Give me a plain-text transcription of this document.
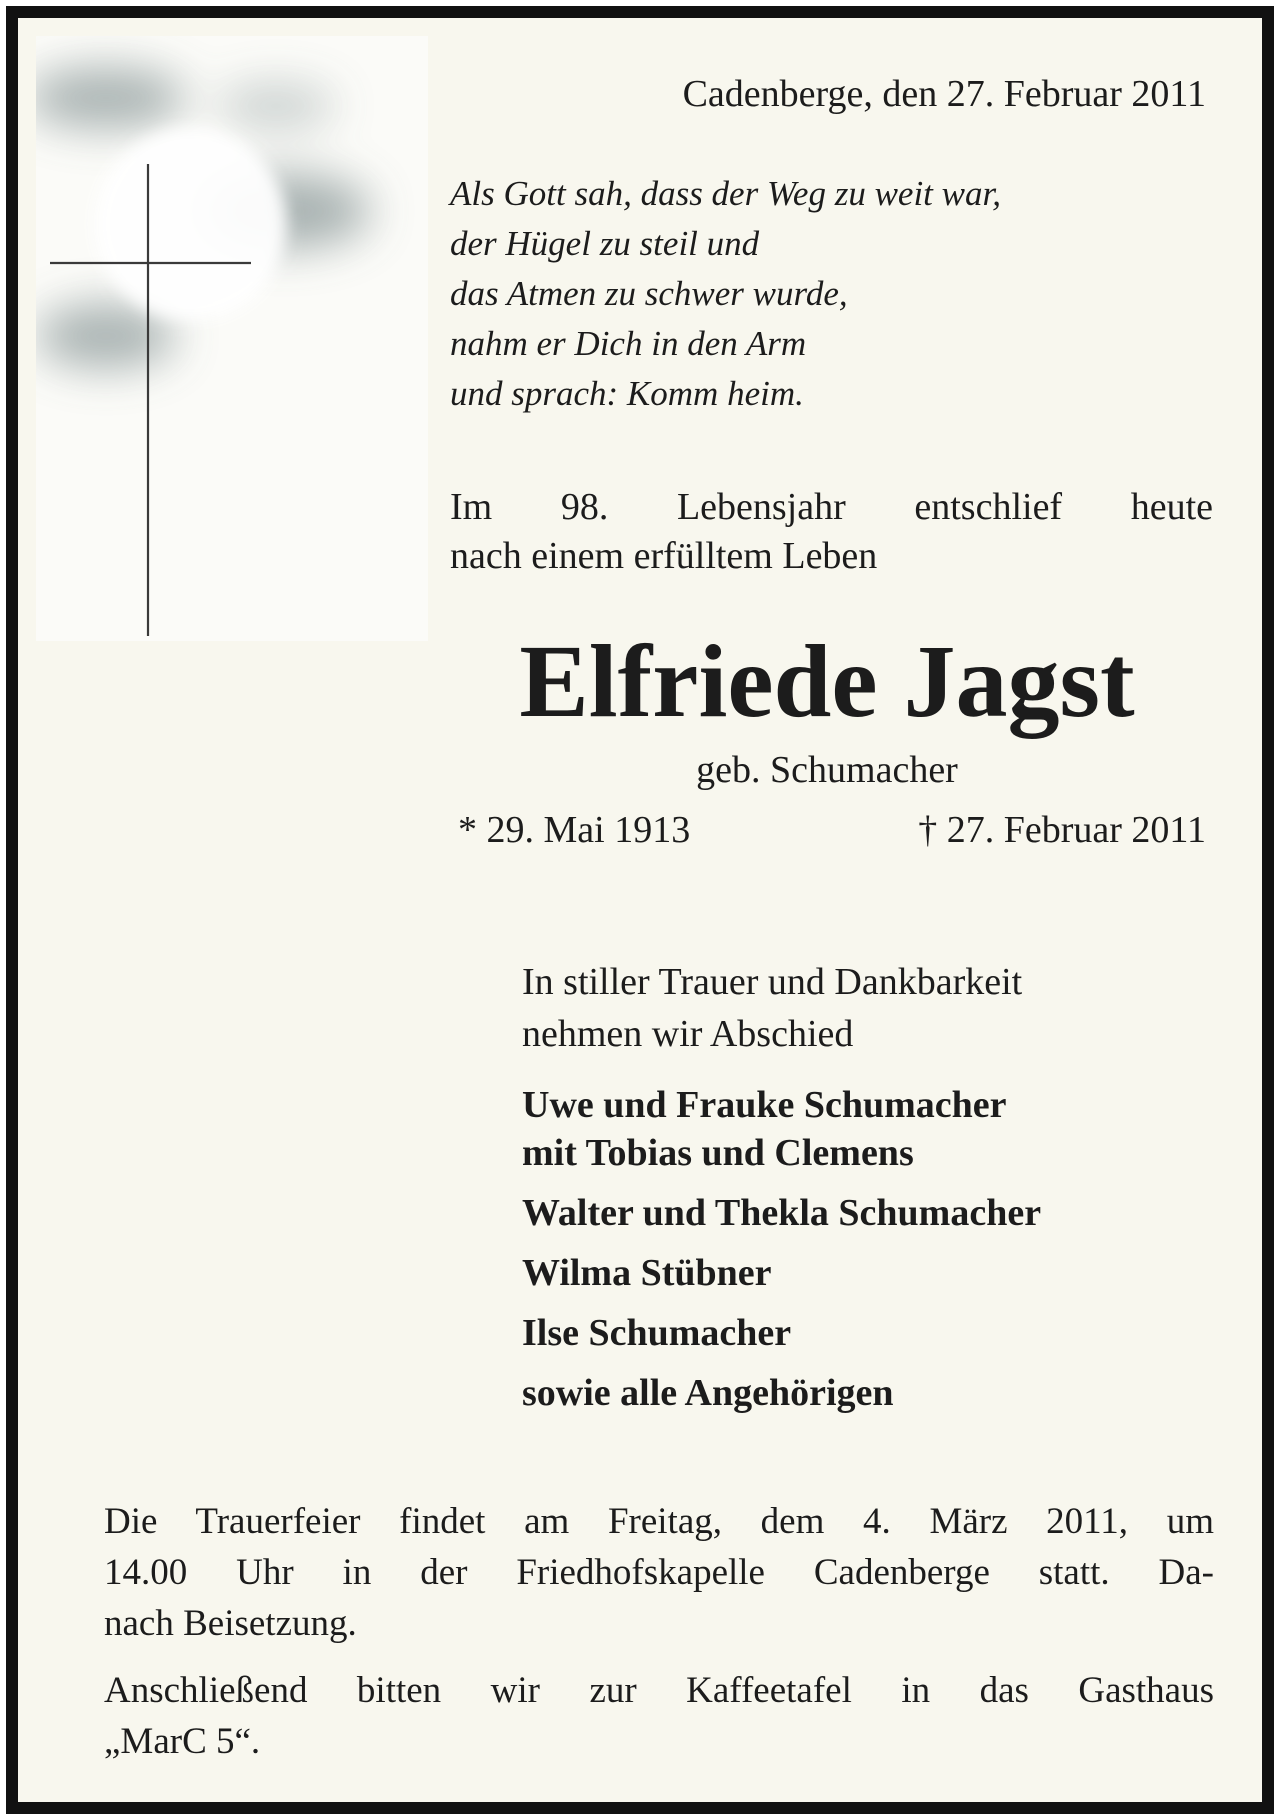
Cadenberge, den 27. Februar 2011
Als Gott sah, dass der Weg zu weit war,
der Hügel zu steil und
das Atmen zu schwer wurde,
nahm er Dich in den Arm
und sprach: Komm heim.
Im 98. Lebensjahr entschlief heute
nach einem erfülltem Leben
Elfriede Jagst
geb. Schumacher
* 29. Mai 1913	† 27. Februar 2011
In stiller Trauer und Dankbarkeit
nehmen wir Abschied
Uwe und Frauke Schumacher
mit Tobias und Clemens
Walter und Thekla Schumacher
Wilma Stübner
Ilse Schumacher
sowie alle Angehörigen
Die Trauerfeier findet am Freitag, dem 4. März 2011, um
14.00 Uhr in der Friedhofskapelle Cadenberge statt. Da-
nach Beisetzung.
Anschließend bitten wir zur Kaffeetafel in das Gasthaus
„MarC 5“.
